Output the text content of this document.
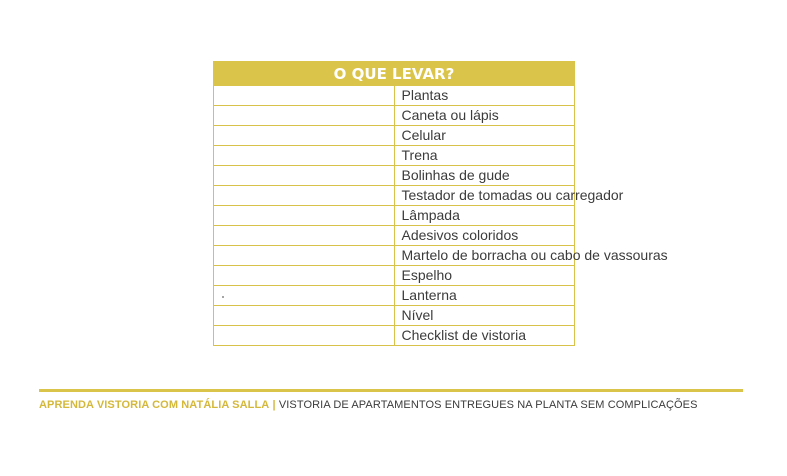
O QUE LEVAR?	
	Plantas
	Caneta ou lápis
	Celular
	Trena
	Bolinhas de gude
	Testador de tomadas ou carregador
	Lâmpada
	Adesivos coloridos
	Martelo de borracha ou cabo de vassouras
	Espelho

	Lanterna
	Nível
	Checklist de vistoria
APRENDA VISTORIA COM NATÁLIA SALLA | VISTORIA DE APARTAMENTOS ENTREGUES NA PLANTA SEM COMPLICAÇÕES
